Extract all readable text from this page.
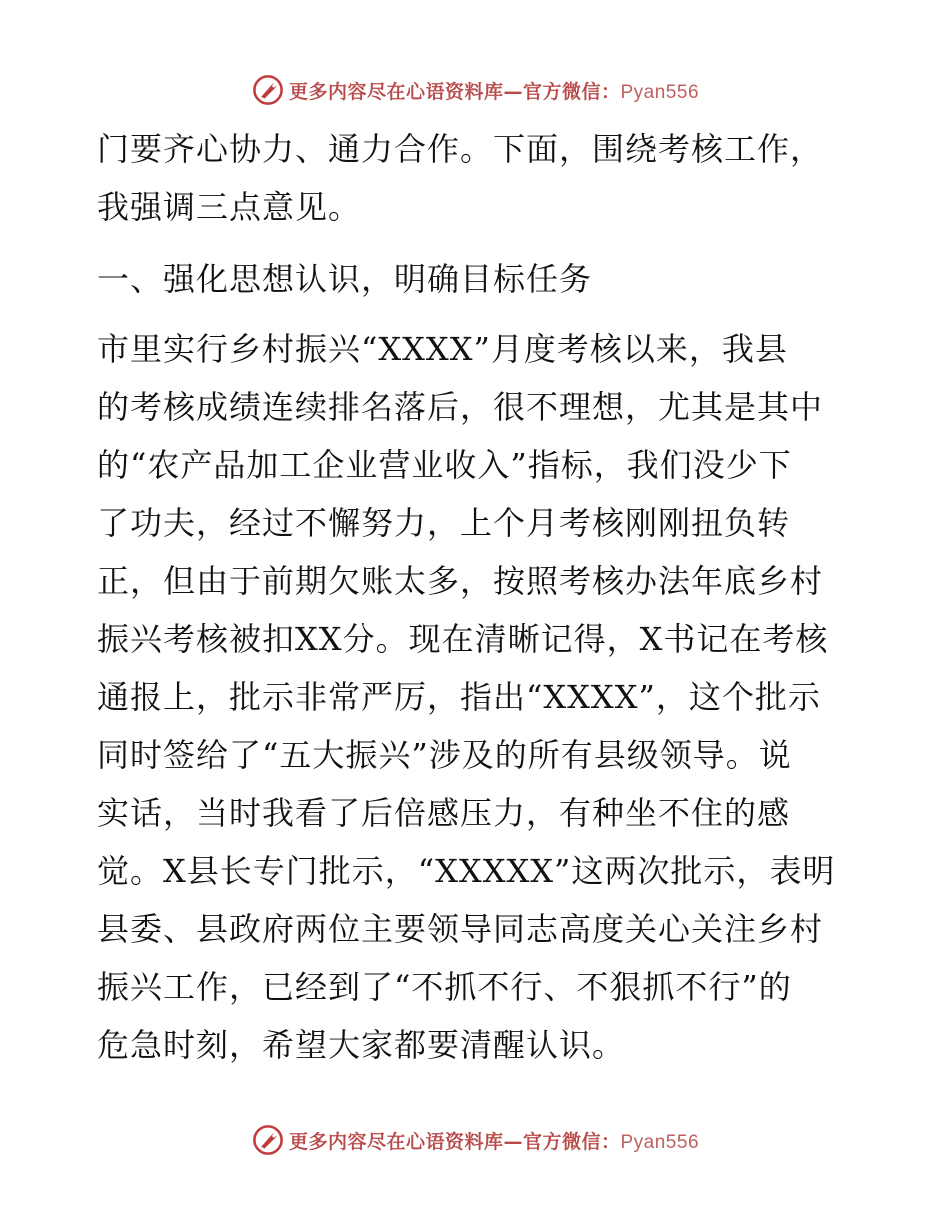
更多内容尽在心语资料库—官方微信：Pyan556

门要齐心协力、通力合作。下面，围绕考核工作，

我强调三点意见。

一、强化思想认识，明确目标任务

市里实行乡村振兴“XXXX”月度考核以来，我县

的考核成绩连续排名落后，很不理想，尤其是其中

的“农产品加工企业营业收入”指标，我们没少下

了功夫，经过不懈努力，上个月考核刚刚扭负转

正，但由于前期欠账太多，按照考核办法年底乡村

振兴考核被扣XX分。现在清晰记得，X书记在考核

通报上，批示非常严厉，指出“XXXX”，这个批示

同时签给了“五大振兴”涉及的所有县级领导。说

实话，当时我看了后倍感压力，有种坐不住的感

觉。X县长专门批示，“XXXXX”这两次批示，表明

县委、县政府两位主要领导同志高度关心关注乡村

振兴工作，已经到了“不抓不行、不狠抓不行”的

危急时刻，希望大家都要清醒认识。

更多内容尽在心语资料库—官方微信：Pyan556
